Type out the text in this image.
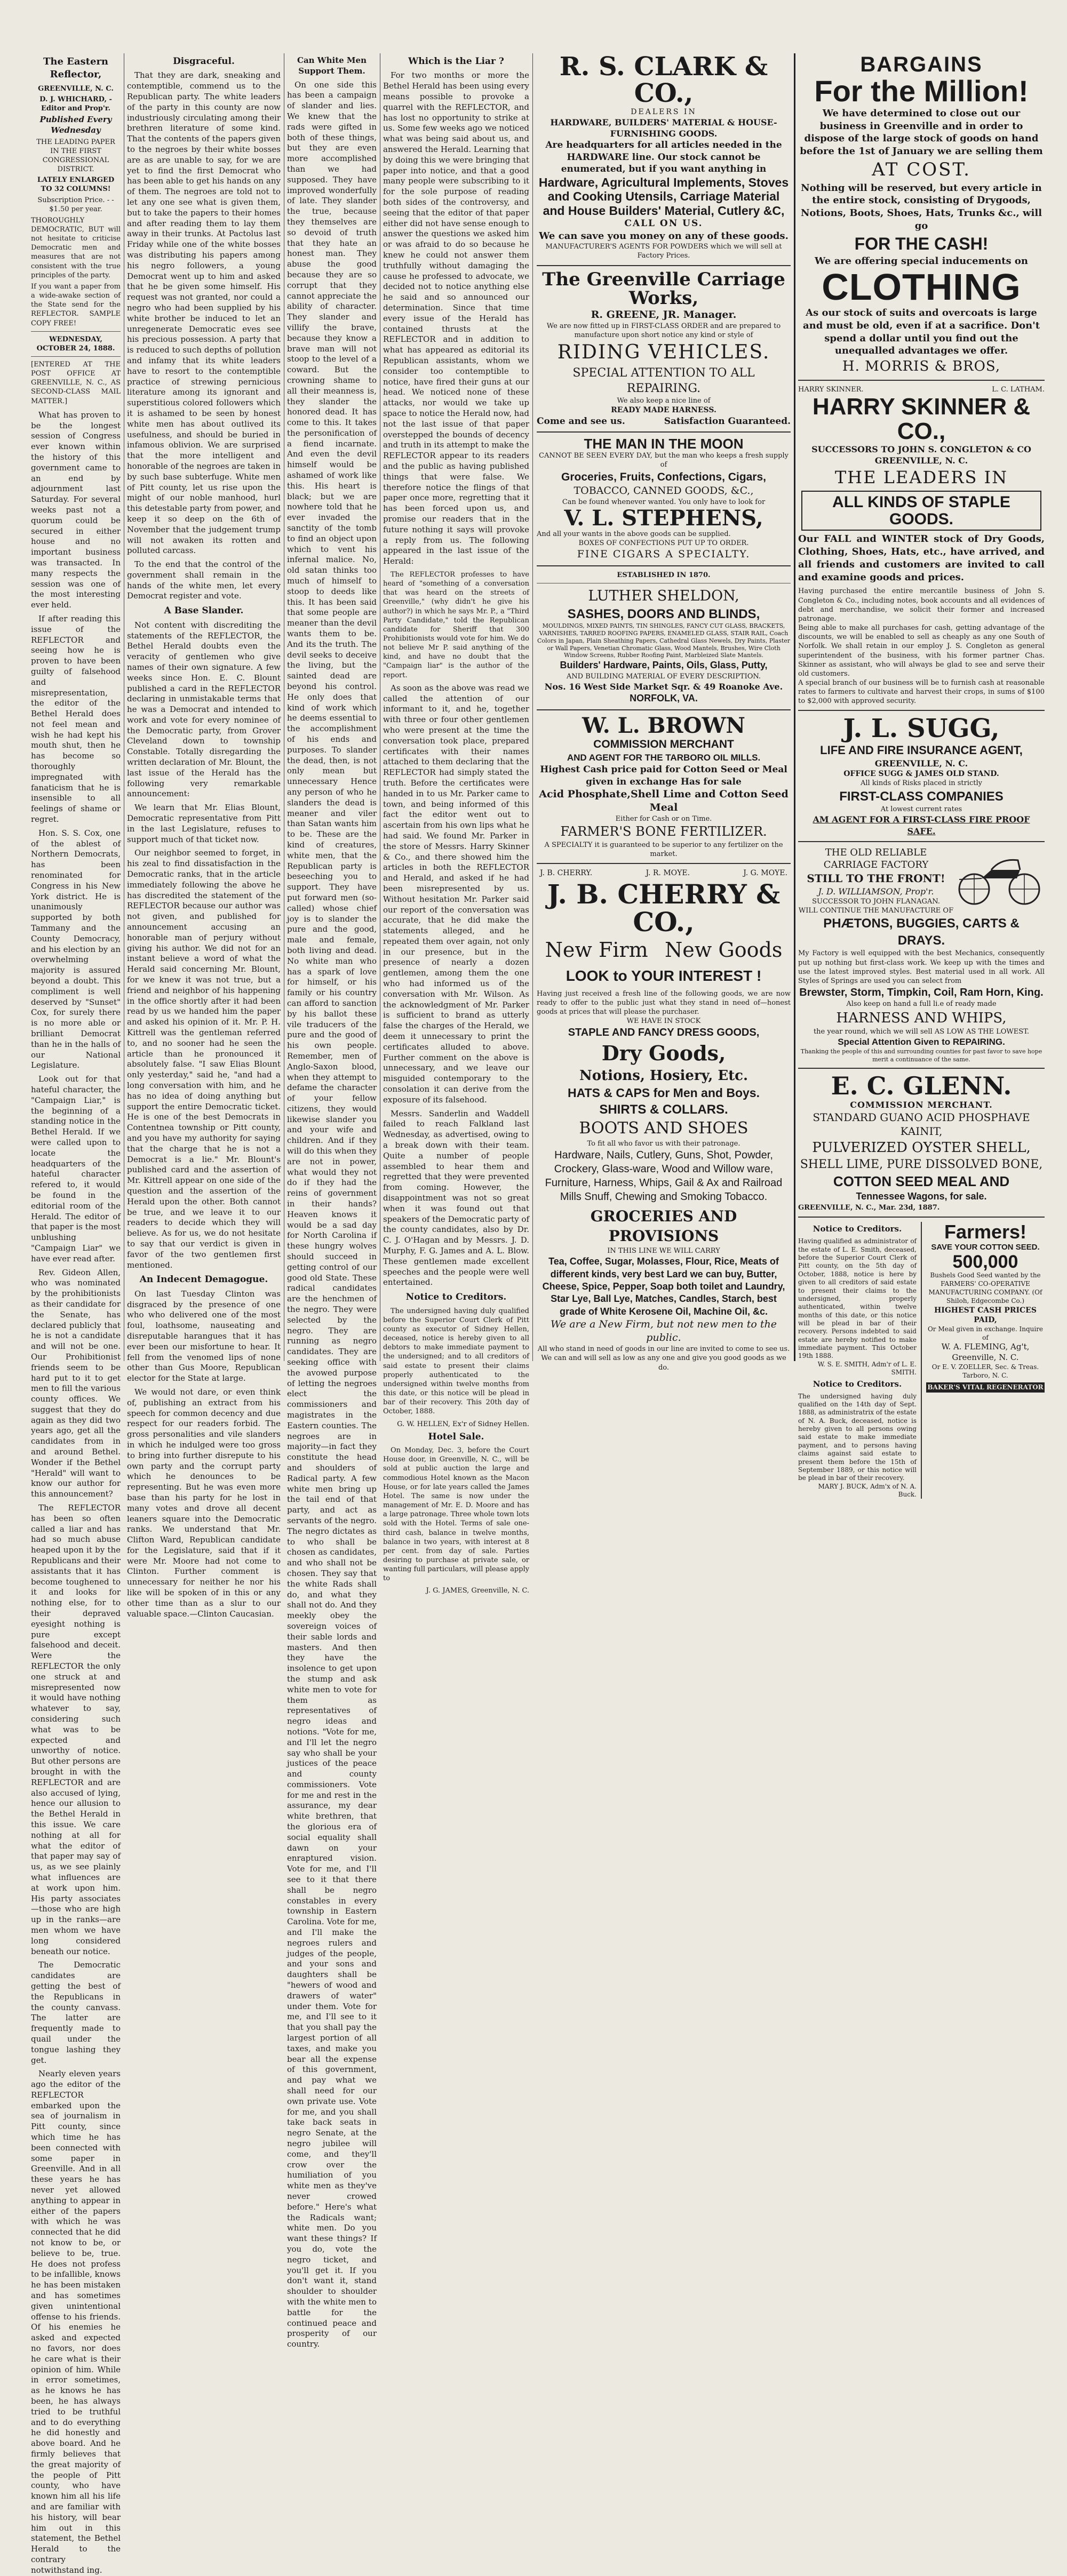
The Eastern Reflector,
GREENVILLE, N. C.
D. J. WHICHARD, - Editor and Prop'r.
Published Every Wednesday
THE LEADING PAPER IN THE FIRST CONGRESSIONAL DISTRICT.
LATELY ENLARGED TO 32 COLUMNS!
Subscription Price. - - $1.50 per year.
THOROUGHLY DEMOCRATIC, BUT will not hesitate to criticise Democratic men and measures that are not consistent with the true principles of the party.
If you want a paper from a wide-awake section of the State send for the REFLECTOR. SAMPLE COPY FREE!
WEDNESDAY, OCTOBER 24, 1888.
[ENTERED AT THE POST OFFICE AT GREENVILLE, N. C., AS SECOND-CLASS MAIL MATTER.]
What has proven to be the longest session of Congress ever known within the history of this government came to an end by adjournment last Saturday. For several weeks past not a quorum could be secured in either house and no important business was transacted. In many respects the session was one of the most interesting ever held.
If after reading this issue of the REFLECTOR and seeing how he is proven to have been guilty of falsehood and misrepresentation, the editor of the Bethel Herald does not feel mean and wish he had kept his mouth shut, then he has become so thoroughly impregnated with fanaticism that he is insensible to all feelings of shame or regret.
Hon. S. S. Cox, one of the ablest of Northern Democrats, has been renominated for Congress in his New York district. He is unanimously supported by both Tammany and the County Democracy, and his election by an overwhelming majority is assured beyond a doubt. This compliment is well deserved by "Sunset" Cox, for surely there is no more able or brilliant Democrat than he in the halls of our National Legislature.
Look out for that hateful character, the "Campaign Liar," is the beginning of a standing notice in the Bethel Herald. If we were called upon to locate the headquarters of the hateful character refered to, it would be found in the editorial room of the Herald. The editor of that paper is the most unblushing "Campaign Liar" we have ever read after.
Rev. Gideon Allen, who was nominated by the prohibitionists as their candidate for the Senate, has declared publicly that he is not a candidate and will not be one. Our Prohibitionist friends seem to be hard put to it to get men to fill the various county offices. We suggest that they do again as they did two years ago, get all the candidates from in and around Bethel. Wonder if the Bethel "Herald" will want to know our author for this announcement?
The REFLECTOR has been so often called a liar and has had so much abuse heaped upon it by the Republicans and their assistants that it has become toughened to it and looks for nothing else, for to their depraved eyesight nothing is pure except falsehood and deceit. Were the REFLECTOR the only one struck at and misrepresented now it would have nothing whatever to say, considering such what was to be expected and unworthy of notice. But other persons are brought in with the REFLECTOR and are also accused of lying, hence our allusion to the Bethel Herald in this issue. We care nothing at all for what the editor of that paper may say of us, as we see plainly what influences are at work upon him. His party associates—those who are high up in the ranks—are men whom we have long considered beneath our notice.
The Democratic candidates are getting the best of the Republicans in the county canvass. The latter are frequently made to quail under the tongue lashing they get.
Nearly eleven years ago the editor of the REFLECTOR embarked upon the sea of journalism in Pitt county, since which time he has been connected with some paper in Greenville. And in all these years he has never yet allowed anything to appear in either of the papers with which he was connected that he did not know to be, or believe to be, true. He does not profess to be infallible, knows he has been mistaken and has sometimes given unintentional offense to his friends. Of his enemies he asked and expected no favors, nor does he care what is their opinion of him. While in error sometimes, as he knows he has been, he has always tried to be truthful and to do everything he did honestly and above board. And he firmly believes that the great majority of the people of Pitt county, who have known him all his life and are familiar with his history, will bear him out in this statement, the Bethel Herald to the contrary notwithstand ing.
Disgraceful.
That they are dark, sneaking and contemptible, commend us to the Republican party. The white leaders of the party in this county are now industriously circulating among their brethren literature of some kind. That the contents of the papers given to the negroes by their white bosses are as are unable to say, for we are yet to find the first Democrat who has been able to get his hands on any of them. The negroes are told not to let any one see what is given them, but to take the papers to their homes and after reading them to lay them away in their trunks. At Pactolus last Friday while one of the white bosses was distributing his papers among his negro followers, a young Democrat went up to him and asked that he be given some himself. His request was not granted, nor could a negro who had been supplied by his white brother be induced to let an unregenerate Democratic eves see his precious possession. A party that is reduced to such depths of pollution and infamy that its white leaders have to resort to the contemptible practice of strewing pernicious literature among its ignorant and superstitious colored followers which it is ashamed to be seen by honest white men has about outlived its usefulness, and should be buried in infamous oblivion. We are surprised that the more intelligent and honorable of the negroes are taken in by such base subterfuge. White men of Pitt county, let us rise upon the might of our noble manhood, hurl this detestable party from power, and keep it so deep on the 6th of November that the judgement trump will not awaken its rotten and polluted carcass.
To the end that the control of the government shall remain in the hands of the white men, let every Democrat register and vote.
A Base Slander.
Not content with discrediting the statements of the REFLECTOR, the Bethel Herald doubts even the veracity of gentlemen who give names of their own signature. A few weeks since Hon. E. C. Blount published a card in the REFLECTOR declaring in unmistakable terms that he was a Democrat and intended to work and vote for every nominee of the Democratic party, from Grover Cleveland down to township Constable. Totally disregarding the written declaration of Mr. Blount, the last issue of the Herald has the following very remarkable announcement:
We learn that Mr. Elias Blount, Democratic representative from Pitt in the last Legislature, refuses to support much of that ticket now.
Our neighbor seemed to forget, in his zeal to find dissatisfaction in the Democratic ranks, that in the article immediately following the above he has discredited the statement of the REFLECTOR because our author was not given, and published for announcement accusing an honorable man of perjury without giving his author. We did not for an instant believe a word of what the Herald said concerning Mr. Blount, for we knew it was not true, but a friend and neighbor of his happening in the office shortly after it had been read by us we handed him the paper and asked his opinion of it. Mr. P. H. Kittrell was the gentleman referred to, and no sooner had he seen the article than he pronounced it absolutely false. "I saw Elias Blount only yesterday," said he, "and had a long conversation with him, and he has no idea of doing anything but support the entire Democratic ticket. He is one of the best Democrats in Contentnea township or Pitt county, and you have my authority for saying that the charge that he is not a Democrat is a lie." Mr. Blount's published card and the assertion of Mr. Kittrell appear on one side of the question and the assertion of the Herald upon the other. Both cannot be true, and we leave it to our readers to decide which they will believe. As for us, we do not hesitate to say that our verdict is given in favor of the two gentlemen first mentioned.
An Indecent Demagogue.
On last Tuesday Clinton was disgraced by the presence of one who who delivered one of the most foul, loathsome, nauseating and disreputable harangues that it has ever been our misfortune to hear. It fell from the venomed lips of none other than Gus Moore, Republican elector for the State at large.
We would not dare, or even think of, publishing an extract from his speech for common decency and due respect for our readers forbid. The gross personalities and vile slanders in which he indulged were too gross to bring into further disrepute to his own party and the corrupt party which he denounces to be representing. But he was even more base than his party for he lost in many votes and drove all decent leaners square into the Democratic ranks. We understand that Mr. Clifton Ward, Republican candidate for the Legislature, said that if it were Mr. Moore had not come to Clinton. Further comment is unnecessary for neither he nor his like will be spoken of in this or any other time than as a slur to our valuable space.—Clinton Caucasian.
Can White Men Support Them.
On one side this has been a campaign of slander and lies. We knew that the rads were gifted in both of these things, but they are even more accomplished than we had supposed. They have improved wonderfully of late. They slander the true, because they themselves are so devoid of truth that they hate an honest man. They abuse the good because they are so corrupt that they cannot appreciate the ability of character. They slander and villify the brave, because they know a brave man will not stoop to the level of a coward. But the crowning shame to all their meanness is, they slander the honored dead. It has come to this. It takes the personification of a fiend incarnate. And even the devil himself would be ashamed of work like this. His heart is black; but we are nowhere told that he ever invaded the sanctity of the tomb to find an object upon which to vent his infernal malice. No, old satan thinks too much of himself to stoop to deeds like this. It has been said that some people are meaner than the devil wants them to be. And its the truth. The devil seeks to deceive the living, but the sainted dead are beyond his control. He only does that kind of work which he deems essential to the accomplishment of his ends and purposes. To slander the dead, then, is not only mean but unnecessary Hence any person of who he slanders the dead is meaner and viler than Satan wants him to be. These are the kind of creatures, white men, that the Republican party is beseeching you to support. They have put forward men (so-called) whose chief joy is to slander the pure and the good, male and female, both living and dead. No white man who has a spark of love for himself, or his family or his country can afford to sanction by his ballot these vile traducers of the pure and the good of his own people. Remember, men of Anglo-Saxon blood, when they attempt to defame the character of your fellow citizens, they would likewise slander you and your wife and children. And if they will do this when they are not in power, what would they not do if they had the reins of government in their hands? Heaven knows it would be a sad day for North Carolina if these hungry wolves should succeed in getting control of our good old State. These radical candidates are the henchmen of the negro. They were selected by the negro. They are running as negro candidates. They are seeking office with the avowed purpose of letting the negroes elect the commissioners and magistrates in the Eastern counties. The negroes are in majority—in fact they constitute the head and shoulders of Radical party. A few white men bring up the tail end of that party, and act as servants of the negro. The negro dictates as to who shall be chosen as candidates, and who shall not be chosen. They say that the white Rads shall do, and what they shall not do. And they meekly obey the sovereign voices of their sable lords and masters. And then they have the insolence to get upon the stump and ask white men to vote for them as representatives of negro ideas and notions. "Vote for me, and I'll let the negro say who shall be your justices of the peace and county commissioners. Vote for me and rest in the assurance, my dear white brethren, that the glorious era of social equality shall dawn on your enraptured vision. Vote for me, and I'll see to it that there shall be negro constables in every township in Eastern Carolina. Vote for me, and I'll make the negroes rulers and judges of the people, and your sons and daughters shall be "hewers of wood and drawers of water" under them. Vote for me, and I'll see to it that you shall pay the largest portion of all taxes, and make you bear all the expense of this government, and pay what we shall need for our own private use. Vote for me, and you shall take back seats in negro Senate, at the negro jubilee will come, and they'll crow over the humiliation of you white men as they've never crowed before." Here's what the Radicals want; white men. Do you want these things? If you do, vote the negro ticket, and you'll get it. If you don't want it, stand shoulder to shoulder with the white men to battle for the continued peace and prosperity of our country.
Which is the Liar ?
For two months or more the Bethel Herald has been using every means possible to provoke a quarrel with the REFLECTOR, and has lost no opportunity to strike at us. Some few weeks ago we noticed what was being said about us, and answered the Herald. Learning that by doing this we were bringing that paper into notice, and that a good many people were subscribing to it for the sole purpose of reading both sides of the controversy, and seeing that the editor of that paper either did not have sense enough to answer the questions we asked him or was afraid to do so because he knew he could not answer them truthfully without damaging the cause he professed to advocate, we decided not to notice anything else he said and so announced our determination. Since that time every issue of the Herald has contained thrusts at the REFLECTOR and in addition to what has appeared as editorial its Republican assistants, whom we consider too contemptible to notice, have fired their guns at our head. We noticed none of these attacks, nor would we take up space to notice the Herald now, had not the last issue of that paper overstepped the bounds of decency and truth in its attempt to make the REFLECTOR appear to its readers and the public as having published things that were false. We therefore notice the flings of that paper once more, regretting that it has been forced upon us, and promise our readers that in the future nothing it says will provoke a reply from us. The following appeared in the last issue of the Herald:
The REFLECTOR professes to have heard of "something of a conversation that was heard on the streets of Greenville," (why didn't he give his author?) in which he says Mr. P., a "Third Party Candidate," told the Republican candidate for Sheriff that 300 Prohibitionists would vote for him. We do not believe Mr P. said anything of the kind, and have no doubt that the "Campaign liar" is the author of the report.
As soon as the above was read we called the attention of our informant to it, and he, together with three or four other gentlemen who were present at the time the conversation took place, prepared certificates with their names attached to them declaring that the REFLECTOR had simply stated the truth. Before the certificates were handed in to us Mr. Parker came to town, and being informed of this fact the editor went out to ascertain from his own lips what he had said. We found Mr. Parker in the store of Messrs. Harry Skinner & Co., and there showed him the articles in both the REFLECTOR and Herald, and asked if he had been misrepresented by us. Without hesitation Mr. Parker said our report of the conversation was accurate, that he did make the statements alleged, and he repeated them over again, not only in our presence, but in the presence of nearly a dozen gentlemen, among them the one who had informed us of the conversation with Mr. Wilson. As the acknowledgment of Mr. Parker is sufficient to brand as utterly false the charges of the Herald, we deem it unnecessary to print the certificates alluded to above. Further comment on the above is unnecessary, and we leave our misguided contemporary to the consolation it can derive from the exposure of its falsehood.
Messrs. Sanderlin and Waddell failed to reach Falkland last Wednesday, as advertised, owing to a break down with their team. Quite a number of people assembled to hear them and regretted that they were prevented from coming. However, the disappointment was not so great when it was found out that speakers of the Democratic party of the county candidates, also by Dr. C. J. O'Hagan and by Messrs. J. D. Murphy, F. G. James and A. L. Blow. These gentlemen made excellent speeches and the people were well entertained.
Notice to Creditors.
The undersigned having duly qualified before the Superior Court Clerk of Pitt county as executor of Sidney Hellen, deceased, notice is hereby given to all debtors to make immediate payment to the undersigned; and to all creditors of said estate to present their claims properly authenticated to the undersigned within twelve months from this date, or this notice will be plead in bar of their recovery. This 20th day of October, 1888.
G. W. HELLEN, Ex'r of Sidney Hellen.
Hotel Sale.
On Monday, Dec. 3, before the Court House door, in Greenville, N. C., will be sold at public auction the large and commodious Hotel known as the Macon House, or for late years called the James Hotel. The same is now under the management of Mr. E. D. Moore and has a large patronage. Three whole town lots sold with the Hotel. Terms of sale one-third cash, balance in twelve months, balance in two years, with interest at 8 per cent. from day of sale. Parties desiring to purchase at private sale, or wanting full particulars, will please apply to
J. G. JAMES, Greenville, N. C.
R. S. CLARK & CO.,
DEALERS IN
HARDWARE, BUILDERS' MATERIAL & HOUSE-FURNISHING GOODS.
Are headquarters for all articles needed in the HARDWARE line. Our stock cannot be enumerated, but if you want anything in
Hardware, Agricultural Implements, Stoves and Cooking Utensils, Carriage Material and House Builders' Material, Cutlery &C,
CALL ON US.
We can save you money on any of these goods.
MANUFACTURER'S AGENTS FOR POWDERS which we will sell at Factory Prices.
The Greenville Carriage Works,
R. GREENE, JR. Manager.
We are now fitted up in FIRST-CLASS ORDER and are prepared to manufacture upon short notice any kind or style of
RIDING VEHICLES.
SPECIAL ATTENTION TO ALL REPAIRING.
We also keep a nice line of
READY MADE HARNESS.
Come and see us.	Satisfaction Guaranteed.
THE MAN IN THE MOON
CANNOT BE SEEN EVERY DAY, but the man who keeps a fresh supply of
Groceries, Fruits, Confections, Cigars,
TOBACCO, CANNED GOODS, &C.,
Can be found whenever wanted. You only have to look for
V. L. STEPHENS,
And all your wants in the above goods can be supplied.
BOXES OF CONFECTIONS PUT UP TO ORDER.
FINE CIGARS A SPECIALTY.
ESTABLISHED IN 1870.
LUTHER SHELDON,
SASHES, DOORS AND BLINDS,
MOULDINGS, MIXED PAINTS, TIN SHINGLES, FANCY CUT GLASS, BRACKETS, VARNISHES, TARRED ROOFING PAPERS, ENAMELED GLASS, STAIR RAIL, Coach Colors in Japan, Plain Sheathing Papers, Cathedral Glass Newels, Dry Paints, Plaster or Wall Papers, Venetian Chromatic Glass, Wood Mantels, Brushes, Wire Cloth Window Screens, Rubber Roofing Paint, Marbleized Slate Mantels.
Builders' Hardware, Paints, Oils, Glass, Putty,
AND BUILDING MATERIAL OF EVERY DESCRIPTION.
Nos. 16 West Side Market Sqr. & 49 Roanoke Ave.
NORFOLK, VA.
W. L. BROWN
COMMISSION MERCHANT
AND AGENT FOR THE TARBORO OIL MILLS.
Highest Cash price paid for Cotton Seed or Meal given in exchange Has for sale
Acid Phosphate,Shell Lime and Cotton Seed Meal
Either for Cash or on Time.
FARMER'S BONE FERTILIZER.
A SPECIALTY it is guaranteed to be superior to any fertilizer on the market.
J. B. CHERRY.	J. R. MOYE.	J. G. MOYE.
J. B. CHERRY & CO.,
New Firm New Goods
LOOK to YOUR INTEREST !
Having just received a fresh line of the following goods, we are now ready to offer to the public just what they stand in need of—honest goods at prices that will please the purchaser.
WE HAVE IN STOCK
STAPLE AND FANCY DRESS GOODS,
Dry Goods,
Notions, Hosiery, Etc.
HATS & CAPS for Men and Boys.
SHIRTS & COLLARS.
BOOTS AND SHOES
To fit all who favor us with their patronage.
Hardware, Nails, Cutlery, Guns, Shot, Powder, Crockery, Glass-ware, Wood and Willow ware, Furniture, Harness, Whips, Gail & Ax and Railroad Mills Snuff, Chewing and Smoking Tobacco.
GROCERIES AND PROVISIONS
IN THIS LINE WE WILL CARRY
Tea, Coffee, Sugar, Molasses, Flour, Rice, Meats of different kinds, very best Lard we can buy, Butter, Cheese, Spice, Pepper, Soap both toilet and Laundry, Star Lye, Ball Lye, Matches, Candles, Starch, best grade of White Kerosene Oil, Machine Oil, &c.
We are a New Firm, but not new men to the public.
All who stand in need of goods in our line are invited to come to see us. We can and will sell as low as any one and give you good goods as we do.
BARGAINS
For the Million!
We have determined to close out our business in Greenville and in order to dispose of the large stock of goods on hand before the 1st of January we are selling them
AT COST.
Nothing will be reserved, but every article in the entire stock, consisting of Drygoods, Notions, Boots, Shoes, Hats, Trunks &c., will go
FOR THE CASH!
We are offering special inducements on
CLOTHING
As our stock of suits and overcoats is large and must be old, even if at a sacrifice. Don't spend a dollar until you find out the unequalled advantages we offer.
H. MORRIS & BROS,
HARRY SKINNER.	L. C. LATHAM.
HARRY SKINNER & CO.,
SUCCESSORS TO JOHN S. CONGLETON & CO
GREENVILLE, N. C.
THE LEADERS IN
ALL KINDS OF STAPLE GOODS.
Our FALL and WINTER stock of Dry Goods, Clothing, Shoes, Hats, etc., have arrived, and all friends and customers are invited to call and examine goods and prices.
Having purchased the entire mercantile business of John S. Congleton & Co., including notes, book accounts and all evidences of debt and merchandise, we solicit their former and increased patronage.
Being able to make all purchases for cash, getting advantage of the discounts, we will be enabled to sell as cheaply as any one South of Norfolk. We shall retain in our employ J. S. Congleton as general superintendent of the business, with his former partner Chas. Skinner as assistant, who will always be glad to see and serve their old customers.
A special branch of our business will be to furnish cash at reasonable rates to farmers to cultivate and harvest their crops, in sums of $100 to $2,000 with approved security.
J. L. SUGG,
LIFE AND FIRE INSURANCE AGENT,
GREENVILLE, N. C.
OFFICE SUGG & JAMES OLD STAND.
All kinds of Risks placed in strictly
FIRST-CLASS COMPANIES
At lowest current rates
AM AGENT FOR A FIRST-CLASS FIRE PROOF SAFE.
THE OLD RELIABLE CARRIAGE FACTORY
STILL TO THE FRONT!
J. D. WILLIAMSON, Prop'r.
SUCCESSOR TO JOHN FLANAGAN.
WILL CONTINUE THE MANUFACTURE OF
PHÆTONS, BUGGIES, CARTS & DRAYS.
My Factory is well equipped with the best Mechanics, consequently put up nothing but first-class work. We keep up with the times and use the latest improved styles. Best material used in all work. All Styles of Springs are used you can select from
Brewster, Storm, Timpkin, Coil, Ram Horn, King.
Also keep on hand a full li.e of ready made
HARNESS AND WHIPS,
the year round, which we will sell AS LOW AS THE LOWEST.
Special Attention Given to REPAIRING.
Thanking the people of this and surrounding counties for past favor to save hope merit a continuance of the same.
E. C. GLENN.
COMMISSION MERCHANT.
STANDARD GUANO ACID PHOSPHAVE KAINIT,
PULVERIZED OYSTER SHELL,
SHELL LIME, PURE DISSOLVED BONE,
COTTON SEED MEAL AND
Tennessee Wagons, for sale.
GREENVILLE, N. C., Mar. 23d, 1887.
Notice to Creditors.
Having qualified as administrator of the estate of L. E. Smith, deceased, before the Superior Court Clerk of Pitt county, on the 5th day of October, 1888, notice is here by given to all creditors of said estate to present their claims to the undersigned, properly authenticated, within twelve months of this date, or this notice will be plead in bar of their recovery. Persons indebted to said estate are hereby notified to make immediate payment. This October 19th 1888.
W. S. E. SMITH, Adm'r of L. E. SMITH.
Notice to Creditors.
The undersigned having duly qualified on the 14th day of Sept. 1888, as administratrix of the estate of N. A. Buck, deceased, notice is hereby given to all persons owing said estate to make immediate payment, and to persons having claims against said estate to present them before the 15th of September 1889, or this notice will be plead in bar of their recovery.
MARY J. BUCK, Adm'x of N. A. Buck.
Farmers!
SAVE YOUR COTTON SEED.
500,000
Bushels Good Seed wanted by the FARMERS' CO-OPERATIVE MANUFACTURING COMPANY. (Of Shiloh, Edgecombe Co.)
HIGHEST CASH PRICES PAID,
Or Meal given in exchange. Inquire of
W. A. FLEMING, Ag't, Greenville, N. C.
Or E. V. ZOELLER, Sec. & Treas. Tarboro, N. C.
BAKER'S VITAL REGENERATOR
